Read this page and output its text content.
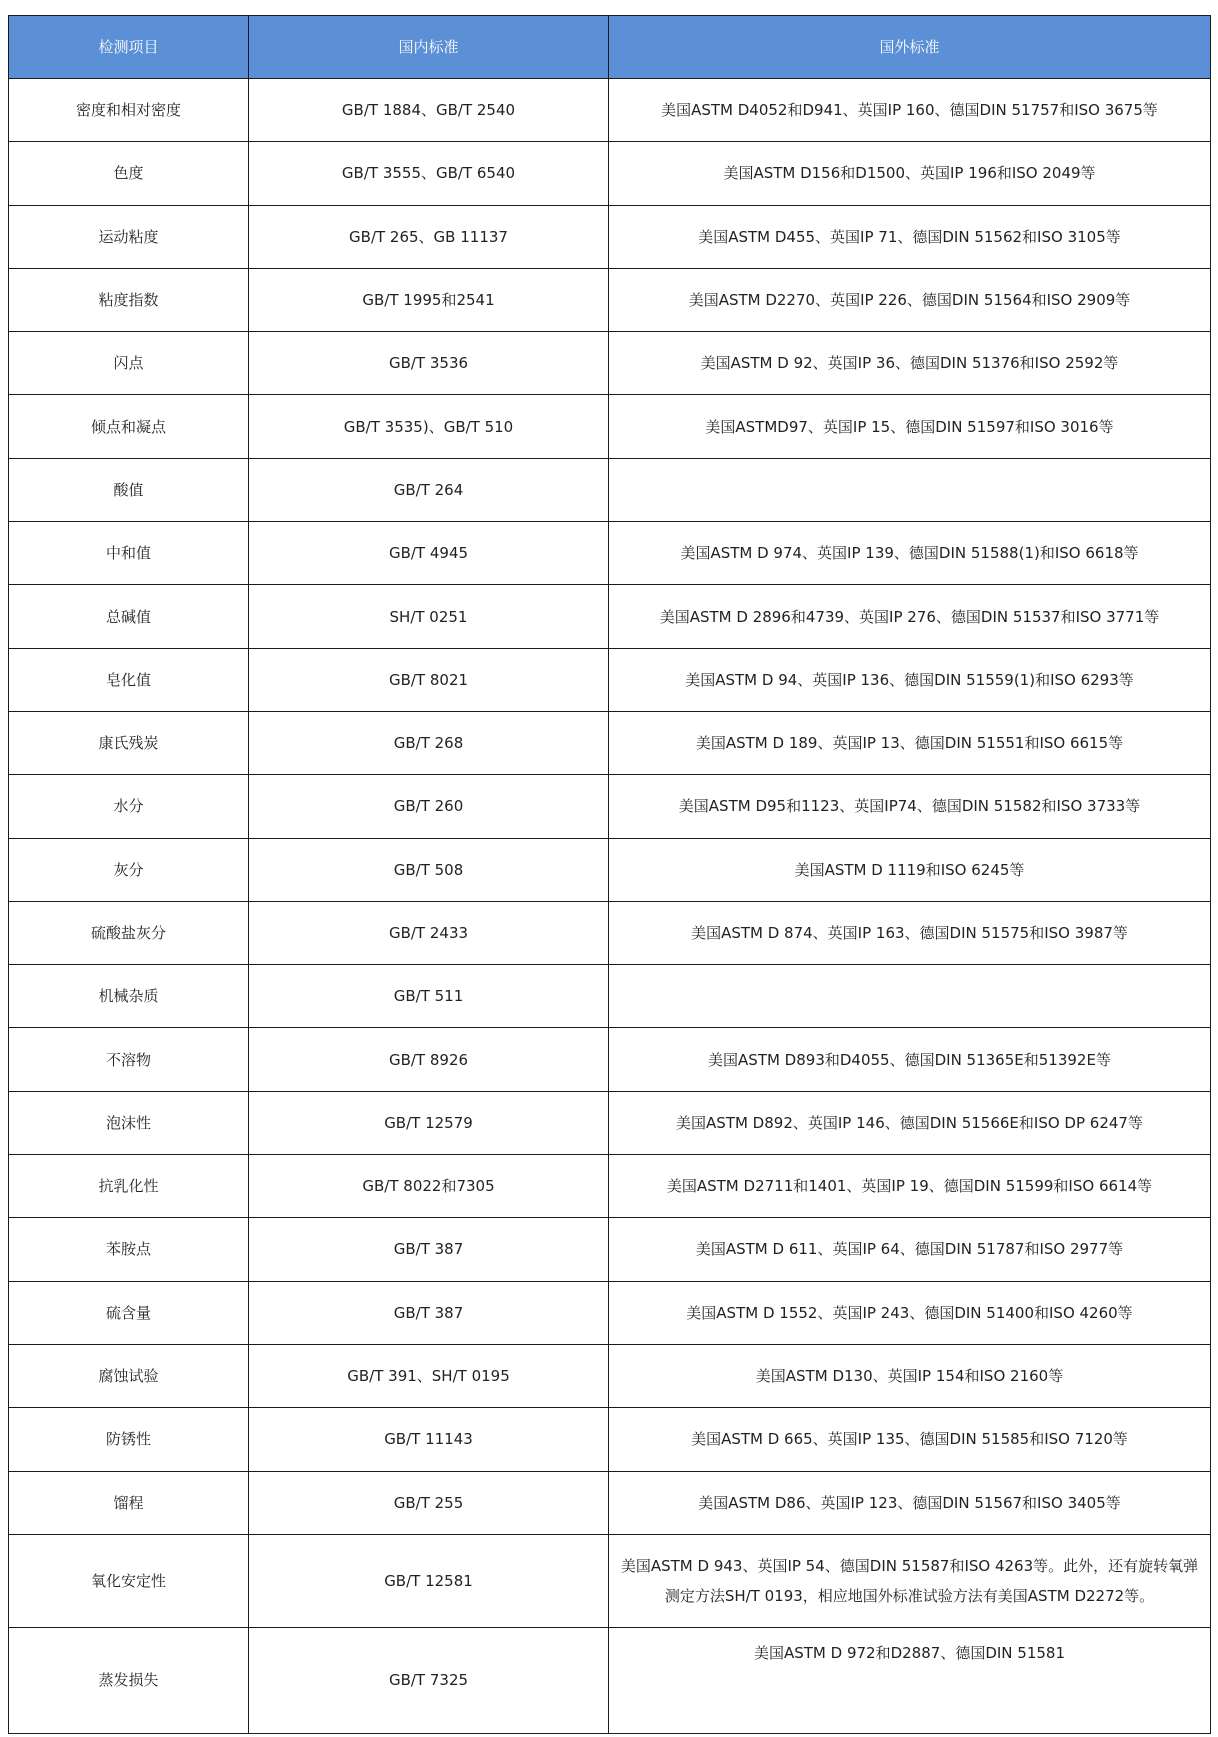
检测项目	国内标准	国外标准
密度和相对密度	GB/T 1884、GB/T 2540	美国ASTM D4052和D941、英国IP 160、德国DIN 51757和ISO 3675等
色度	GB/T 3555、GB/T 6540	美国ASTM D156和D1500、英国IP 196和ISO 2049等
运动粘度	GB/T 265、GB 11137	美国ASTM D455、英国IP 71、德国DIN 51562和ISO 3105等
粘度指数	GB/T 1995和2541	美国ASTM D2270、英国IP 226、德国DIN 51564和ISO 2909等
闪点	GB/T 3536	美国ASTM D 92、英国IP 36、德国DIN 51376和ISO 2592等
倾点和凝点	GB/T 3535)、GB/T 510	美国ASTMD97、英国IP 15、德国DIN 51597和ISO 3016等
酸值	GB/T 264	
中和值	GB/T 4945	美国ASTM D 974、英国IP 139、德国DIN 51588(1)和ISO 6618等
总碱值	SH/T 0251	美国ASTM D 2896和4739、英国IP 276、德国DIN 51537和ISO 3771等
皂化值	GB/T 8021	美国ASTM D 94、英国IP 136、德国DIN 51559(1)和ISO 6293等
康氏残炭	GB/T 268	美国ASTM D 189、英国IP 13、德国DIN 51551和ISO 6615等
水分	GB/T 260	美国ASTM D95和1123、英国IP74、德国DIN 51582和ISO 3733等
灰分	GB/T 508	美国ASTM D 1119和ISO 6245等
硫酸盐灰分	GB/T 2433	美国ASTM D 874、英国IP 163、德国DIN 51575和ISO 3987等
机械杂质	GB/T 511	
不溶物	GB/T 8926	美国ASTM D893和D4055、德国DIN 51365E和51392E等
泡沫性	GB/T 12579	美国ASTM D892、英国IP 146、德国DIN 51566E和ISO DP 6247等
抗乳化性	GB/T 8022和7305	美国ASTM D2711和1401、英国IP 19、德国DIN 51599和ISO 6614等
苯胺点	GB/T 387	美国ASTM D 611、英国IP 64、德国DIN 51787和ISO 2977等
硫含量	GB/T 387	美国ASTM D 1552、英国IP 243、德国DIN 51400和ISO 4260等
腐蚀试验	GB/T 391、SH/T 0195	美国ASTM D130、英国IP 154和ISO 2160等
防锈性	GB/T 11143	美国ASTM D 665、英国IP 135、德国DIN 51585和ISO 7120等
馏程	GB/T 255	美国ASTM D86、英国IP 123、德国DIN 51567和ISO 3405等
氧化安定性	GB/T 12581	美国ASTM D 943、英国IP 54、德国DIN 51587和ISO 4263等。此外，还有旋转氧弹测定方法SH/T 0193，相应地国外标准试验方法有美国ASTM D2272等。
蒸发损失	GB/T 7325	美国ASTM D 972和D2887、德国DIN 51581
